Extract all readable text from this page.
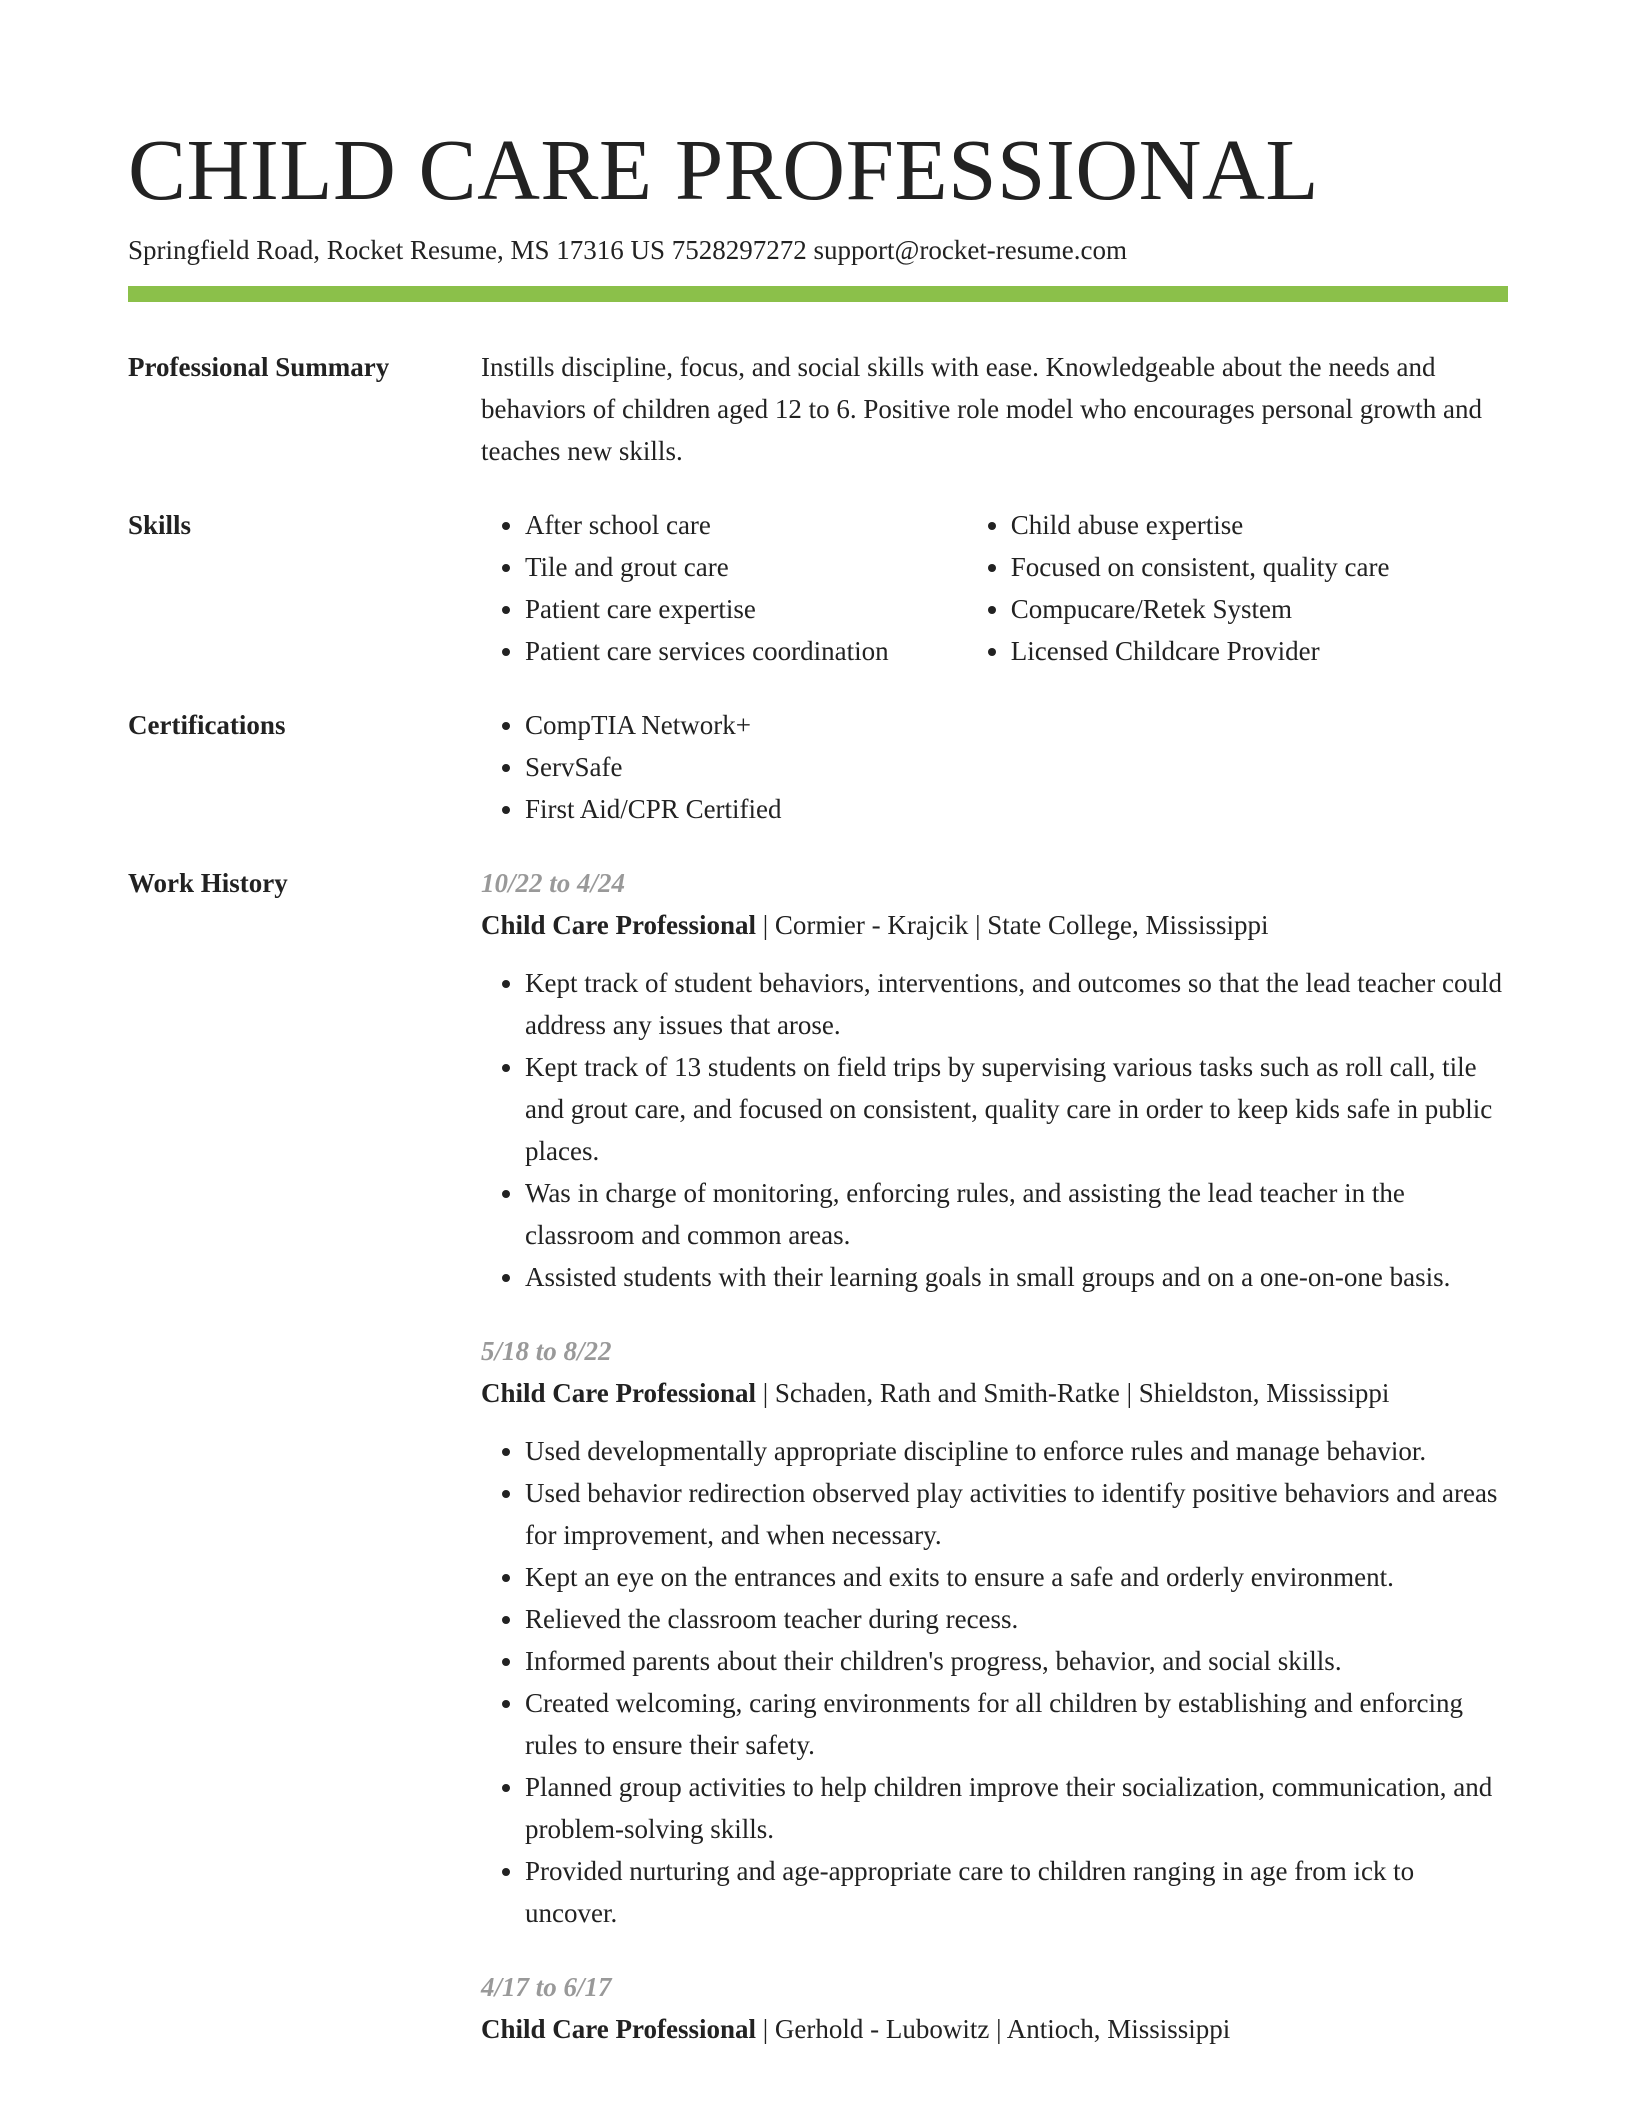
CHILD CARE PROFESSIONAL
Springfield Road, Rocket Resume, MS 17316 US 7528297272 support@rocket-resume.com
Professional Summary	Instills discipline, focus, and social skills with ease. Knowledgeable about the needs and behaviors of children aged 12 to 6. Positive role model who encourages personal growth and teaches new skills.

Skills	• After school care
• Tile and grout care
• Patient care expertise
• Patient care services coordination
• Child abuse expertise
• Focused on consistent, quality care
• Compucare/Retek System
• Licensed Childcare Provider
Certifications	• CompTIA Network+
• ServSafe
• First Aid/CPR Certified
Work History	10/22 to 4/24
Child Care Professional | Cormier - Krajcik | State College, Mississippi
• Kept track of student behaviors, interventions, and outcomes so that the lead teacher could address any issues that arose.
• Kept track of 13 students on field trips by supervising various tasks such as roll call, tile and grout care, and focused on consistent, quality care in order to keep kids safe in public places.
• Was in charge of monitoring, enforcing rules, and assisting the lead teacher in the classroom and common areas.
• Assisted students with their learning goals in small groups and on a one-on-one basis.
5/18 to 8/22
Child Care Professional | Schaden, Rath and Smith-Ratke | Shieldston, Mississippi
• Used developmentally appropriate discipline to enforce rules and manage behavior.
• Used behavior redirection observed play activities to identify positive behaviors and areas for improvement, and when necessary.
• Kept an eye on the entrances and exits to ensure a safe and orderly environment.
• Relieved the classroom teacher during recess.
• Informed parents about their children's progress, behavior, and social skills.
• Created welcoming, caring environments for all children by establishing and enforcing rules to ensure their safety.
• Planned group activities to help children improve their socialization, communication, and problem-solving skills.
• Provided nurturing and age-appropriate care to children ranging in age from ick to uncover.
4/17 to 6/17
Child Care Professional | Gerhold - Lubowitz | Antioch, Mississippi
